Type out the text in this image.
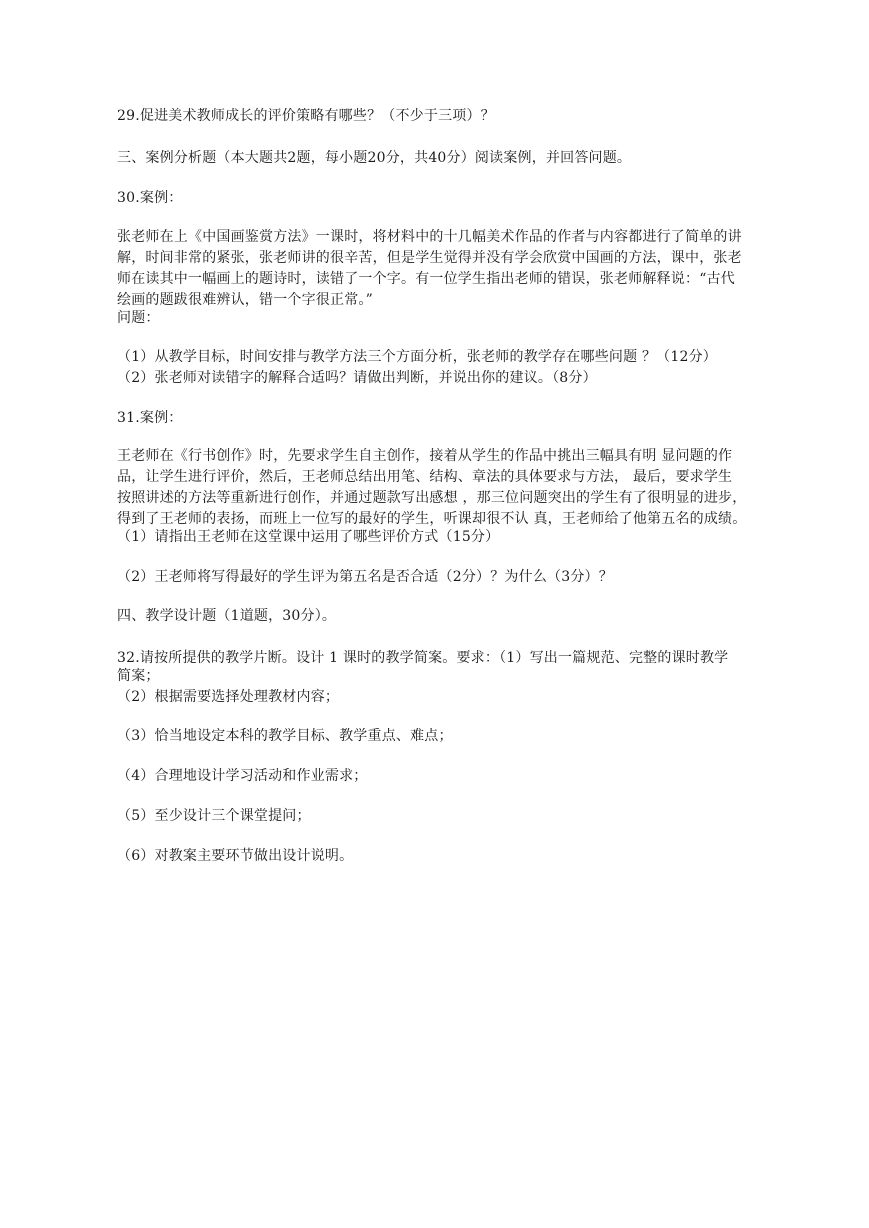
29.促进美术教师成长的评价策略有哪些？（不少于三项）？
三、案例分析题（本大题共2题，每小题20分，共40分）阅读案例，并回答问题。
30.案例：
张老师在上《中国画鉴赏方法》一课时，将材料中的十几幅美术作品的作者与内容都进行了简单的讲
解，时间非常的紧张，张老师讲的很辛苦，但是学生觉得并没有学会欣赏中国画的方法，课中，张老
师在读其中一幅画上的题诗时，读错了一个字。有一位学生指出老师的错误，张老师解释说：“古代
绘画的题跋很难辨认，错一个字很正常。”
问题：
（1）从教学目标，时间安排与教学方法三个方面分析，张老师的教学存在哪些问题 ？（12分）
（2）张老师对读错字的解释合适吗？请做出判断，并说出你的建议。（8分）
31.案例：
王老师在《行书创作》时，先要求学生自主创作，接着从学生的作品中挑出三幅具有明 显问题的作
品，让学生进行评价，然后，王老师总结出用笔、结构、章法的具体要求与方法， 最后，要求学生
按照讲述的方法等重新进行创作，并通过题款写出感想 ，那三位问题突出的学生有了很明显的进步，
得到了王老师的表扬，而班上一位写的最好的学生，听课却很不认 真，王老师给了他第五名的成绩。
（1）请指出王老师在这堂课中运用了哪些评价方式（15分）
（2）王老师将写得最好的学生评为第五名是否合适（2分）？为什么（3分）？
四、教学设计题（1道题，30分）。
32.请按所提供的教学片断。设计 1 课时的教学简案。要求：（1）写出一篇规范、完整的课时教学
简案；
（2）根据需要选择处理教材内容；
（3）恰当地设定本科的教学目标、教学重点、难点；
（4）合理地设计学习活动和作业需求；
（5）至少设计三个课堂提问；
（6）对教案主要环节做出设计说明。
